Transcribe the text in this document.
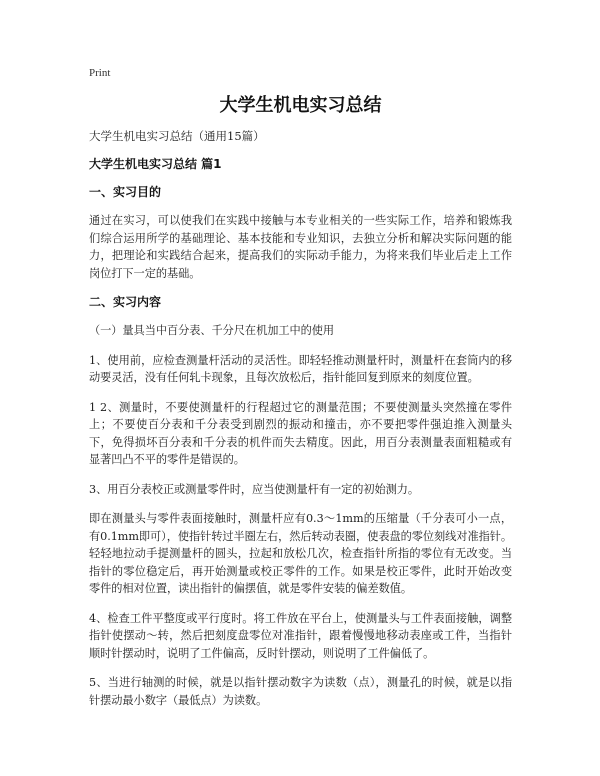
Print
大学生机电实习总结
大学生机电实习总结（通用15篇）
大学生机电实习总结 篇1
一、实习目的
通过在实习，可以使我们在实践中接触与本专业相关的一些实际工作，培养和锻炼我们综合运用所学的基础理论、基本技能和专业知识，去独立分析和解决实际问题的能力，把理论和实践结合起来，提高我们的实际动手能力，为将来我们毕业后走上工作岗位打下一定的基础。
二、实习内容
（一）量具当中百分表、千分尺在机加工中的使用
1、使用前，应检查测量杆活动的灵活性。即轻轻推动测量杆时，测量杆在套筒内的移动要灵活，没有任何轧卡现象，且每次放松后，指针能回复到原来的刻度位置。
1 2、测量时，不要使测量杆的行程超过它的测量范围；不要使测量头突然撞在零件上；不要使百分表和千分表受到剧烈的振动和撞击，亦不要把零件强迫推入测量头下，免得损坏百分表和千分表的机件而失去精度。因此，用百分表测量表面粗糙或有显著凹凸不平的零件是错误的。
3、用百分表校正或测量零件时，应当使测量杆有一定的初始测力。
即在测量头与零件表面接触时，测量杆应有0.3～1mm的压缩量（千分表可小一点，有0.1mm即可），使指针转过半圈左右，然后转动表圈，使表盘的零位刻线对准指针。轻轻地拉动手提测量杆的圆头，拉起和放松几次，检查指针所指的零位有无改变。当指针的零位稳定后，再开始测量或校正零件的工作。如果是校正零件，此时开始改变零件的相对位置，读出指针的偏摆值，就是零件安装的偏差数值。
4、检查工件平整度或平行度时。将工件放在平台上，使测量头与工件表面接触，调整指针使摆动～转，然后把刻度盘零位对准指针，跟着慢慢地移动表座或工件，当指针顺时针摆动时，说明了工件偏高，反时针摆动，则说明了工件偏低了。
5、当进行轴测的时候，就是以指针摆动数字为读数（点），测量孔的时候，就是以指针摆动最小数字（最低点）为读数。
